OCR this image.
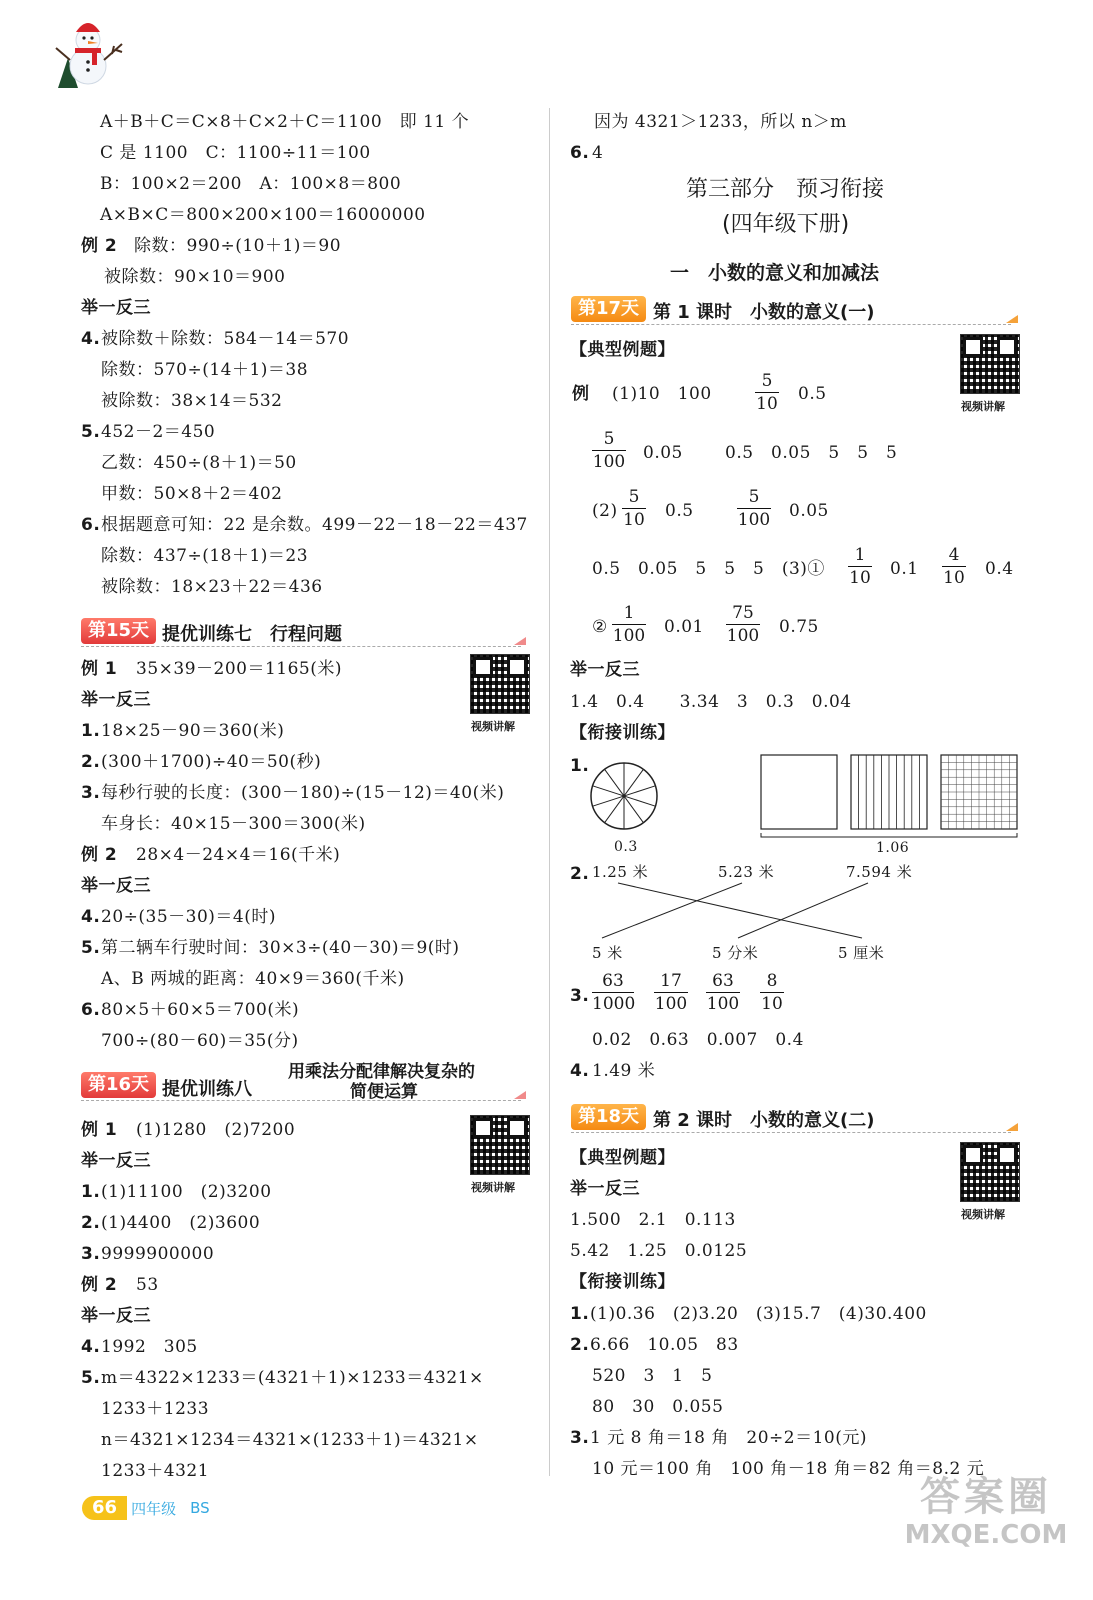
A＋B＋C＝C×8＋C×2＋C＝1100　即 11 个
C 是 1100　C：1100÷11＝100
B：100×2＝200　A：100×8＝800
A×B×C＝800×200×100＝16000000
例 2 除数：990÷(10＋1)＝90
被除数：90×10＝900
举一反三
4. 被除数＋除数：584－14＝570
除数：570÷(14＋1)＝38
被除数：38×14＝532
5. 452－2＝450
乙数：450÷(8＋1)＝50
甲数：50×8＋2＝402
6. 根据题意可知：22 是余数。499－22－18－22＝437
除数：437÷(18＋1)＝23
被除数：18×23＋22＝436
第15天 提优训练七　行程问题
视频讲解
例 1 35×39－200＝1165(米)
举一反三
1. 18×25－90＝360(米)
2. (300＋1700)÷40＝50(秒)
3. 每秒行驶的长度：(300－180)÷(15－12)＝40(米)
车身长：40×15－300＝300(米)
例 2 28×4－24×4＝16(千米)
举一反三
4. 20÷(35－30)＝4(时)
5. 第二辆车行驶时间：30×3÷(40－30)＝9(时)
A、B 两城的距离：40×9＝360(千米)
6. 80×5＋60×5＝700(米)
700÷(80－60)＝35(分)
用乘法分配律解决复杂的
第16天 提优训练八	简便运算
视频讲解
例 1 (1)1280　(2)7200
举一反三
1. (1)11100　(2)3200
2. (1)4400　(2)3600
3. 9999900000
例 2 53
举一反三
4. 1992　305
5. m＝4322×1233＝(4321＋1)×1233＝4321×
1233＋1233
n＝4321×1234＝4321×(1233＋1)＝4321×
1233＋4321
因为 4321＞1233，所以 n＞m
6. 4
第三部分　预习衔接
(四年级下册)
一　小数的意义和加减法
第17天 第 1 课时　小数的意义(一)
视频讲解
【典型例题】
例 (1)10　100	$\frac{5}{10} 0.5$
$\frac{5}{100} 0.05$ 0.5　0.05　5　5　5
$(2) \frac{5}{10} 0.5$	$\frac{5}{100} 0.05$
0.5　0.05　5　5　5　(3)① $\frac{1}{10} 0.1 \frac{4}{10} 0.4$
② $\frac{1}{100} 0.01 \frac{75}{100} 0.75$
举一反三
1.4　0.4　　3.34　3　0.3　0.04
【衔接训练】
1.
0.3	1.06
2. 1.25 米	5.23 米	7.594 米
5 米	5 分米	5 厘米
3. $\frac{63}{1000} \frac{17}{100} \frac{63}{100} \frac{8}{10}$
0.02　0.63　0.007　0.4
4. 1.49 米
第18天 第 2 课时　小数的意义(二)
视频讲解
【典型例题】
举一反三
1.500　2.1　0.113
5.42　1.25　0.0125
【衔接训练】
1. (1)0.36　(2)3.20　(3)15.7　(4)30.400
2. 6.66　10.05　83
520　3　1　5
80　30　0.055
3. 1 元 8 角＝18 角　20÷2＝10(元)
10 元＝100 角　100 角－18 角＝82 角＝8.2 元
66 四年级 BS	答案圈
MXQE.COM
